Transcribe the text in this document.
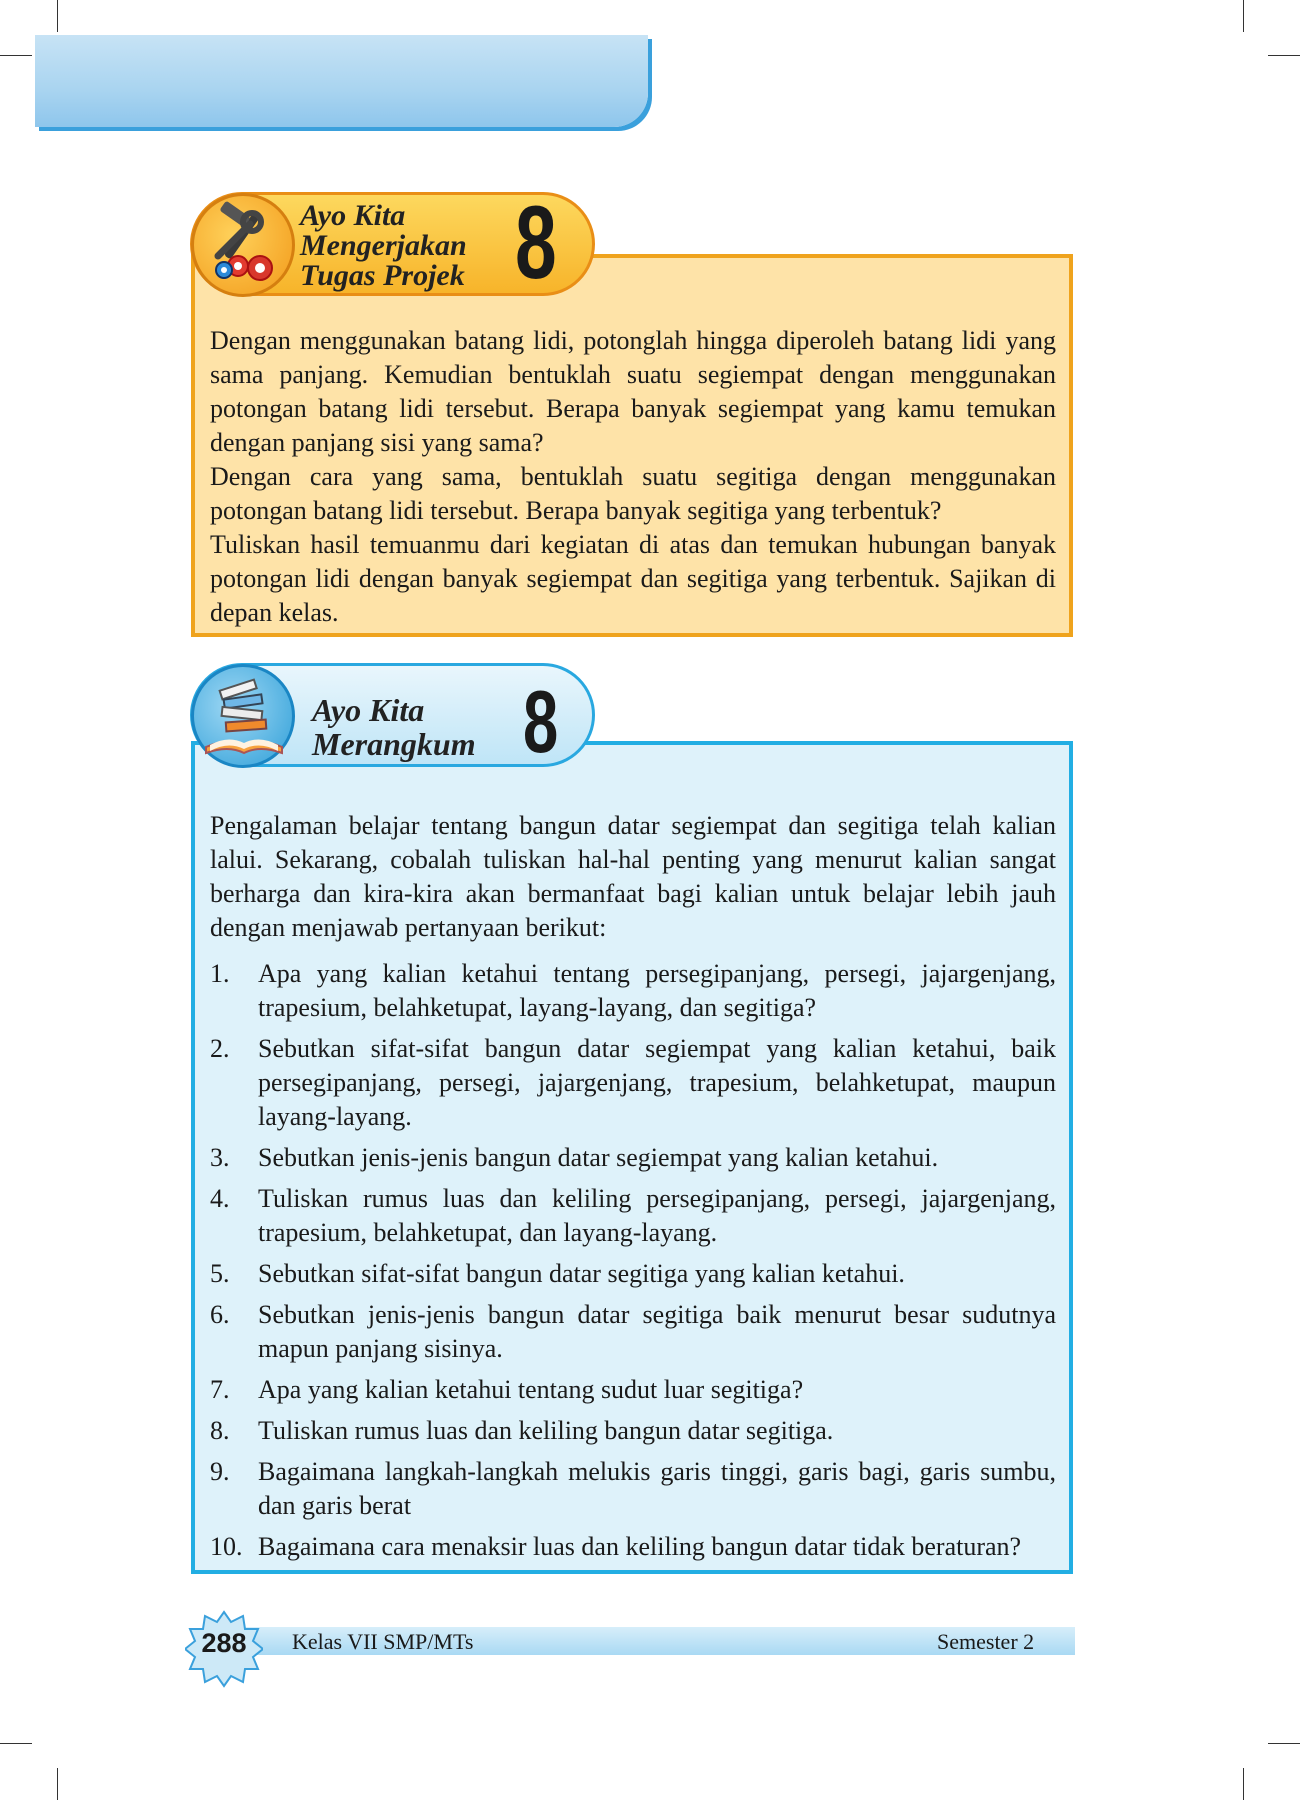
Dengan menggunakan batang lidi, potonglah hingga diperoleh batang lidi yang sama panjang. Kemudian bentuklah suatu segiempat dengan menggunakan potongan batang lidi tersebut. Berapa banyak segiempat yang kamu temukan dengan panjang sisi yang sama?

Dengan cara yang sama, bentuklah suatu segitiga dengan menggunakan potongan batang lidi tersebut. Berapa banyak segitiga yang terbentuk?

Tuliskan hasil temuanmu dari kegiatan di atas dan temukan hubungan banyak potongan lidi dengan banyak segiempat dan segitiga yang terbentuk. Sajikan di depan kelas.

Ayo Kita
Mengerjakan
Tugas Projek 8

Pengalaman belajar tentang bangun datar segiempat dan segitiga telah kalian lalui. Sekarang, cobalah tuliskan hal-hal penting yang menurut kalian sangat berharga dan kira-kira akan bermanfaat bagi kalian untuk belajar lebih jauh dengan menjawab pertanyaan berikut:

1. Apa yang kalian ketahui tentang persegipanjang, persegi, jajargenjang, trapesium, belahketupat, layang-layang, dan segitiga?
2. Sebutkan sifat-sifat bangun datar segiempat yang kalian ketahui, baik persegipanjang, persegi, jajargenjang, trapesium, belahketupat, maupun layang-layang.
3. Sebutkan jenis-jenis bangun datar segiempat yang kalian ketahui.
4. Tuliskan rumus luas dan keliling persegipanjang, persegi, jajargenjang, trapesium, belahketupat, dan layang-layang.
5. Sebutkan sifat-sifat bangun datar segitiga yang kalian ketahui.
6. Sebutkan jenis-jenis bangun datar segitiga baik menurut besar sudutnya mapun panjang sisinya.
7. Apa yang kalian ketahui tentang sudut luar segitiga?
8. Tuliskan rumus luas dan keliling bangun datar segitiga.
9. Bagaimana langkah-langkah melukis garis tinggi, garis bagi, garis sumbu, dan garis berat
10. Bagaimana cara menaksir luas dan keliling bangun datar tidak beraturan?
Ayo Kita
Merangkum 8
288	Kelas VII SMP/MTs	Semester 2
